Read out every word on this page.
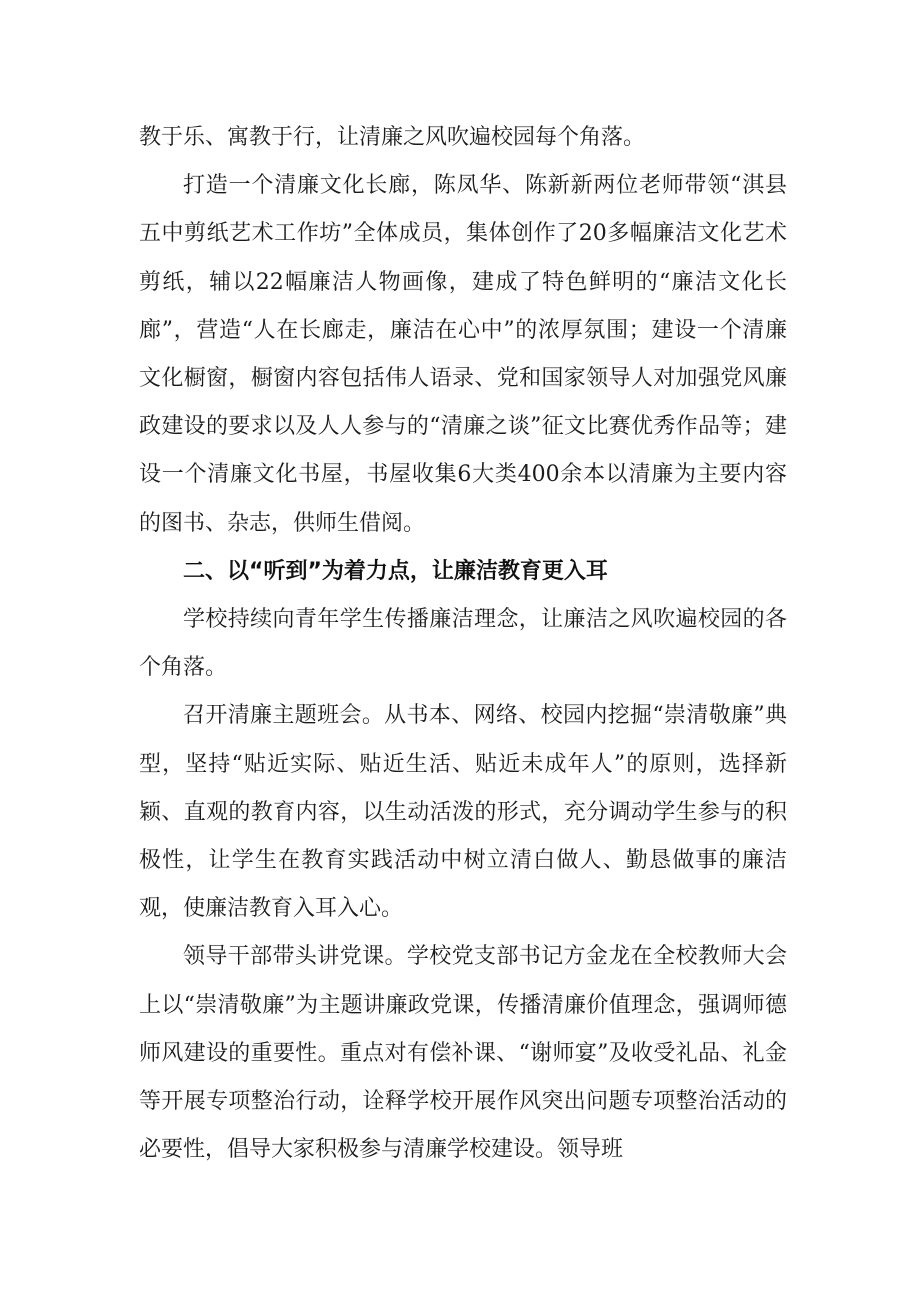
教于乐、寓教于行，让清廉之风吹遍校园每个角落。

打造一个清廉文化长廊，陈凤华、陈新新两位老师带领“淇县五中剪纸艺术工作坊”全体成员，集体创作了20多幅廉洁文化艺术剪纸，辅以22幅廉洁人物画像，建成了特色鲜明的“廉洁文化长廊”，营造“人在长廊走，廉洁在心中”的浓厚氛围；建设一个清廉文化橱窗，橱窗内容包括伟人语录、党和国家领导人对加强党风廉政建设的要求以及人人参与的“清廉之谈”征文比赛优秀作品等；建设一个清廉文化书屋，书屋收集6大类400余本以清廉为主要内容的图书、杂志，供师生借阅。

二、以“听到”为着力点，让廉洁教育更入耳

学校持续向青年学生传播廉洁理念，让廉洁之风吹遍校园的各个角落。

召开清廉主题班会。从书本、网络、校园内挖掘“崇清敬廉”典型，坚持“贴近实际、贴近生活、贴近未成年人”的原则，选择新颖、直观的教育内容，以生动活泼的形式，充分调动学生参与的积极性，让学生在教育实践活动中树立清白做人、勤恳做事的廉洁观，使廉洁教育入耳入心。

领导干部带头讲党课。学校党支部书记方金龙在全校教师大会上以“崇清敬廉”为主题讲廉政党课，传播清廉价值理念，强调师德师风建设的重要性。重点对有偿补课、“谢师宴”及收受礼品、礼金等开展专项整治行动，诠释学校开展作风突出问题专项整治活动的必要性，倡导大家积极参与清廉学校建设。领导班
